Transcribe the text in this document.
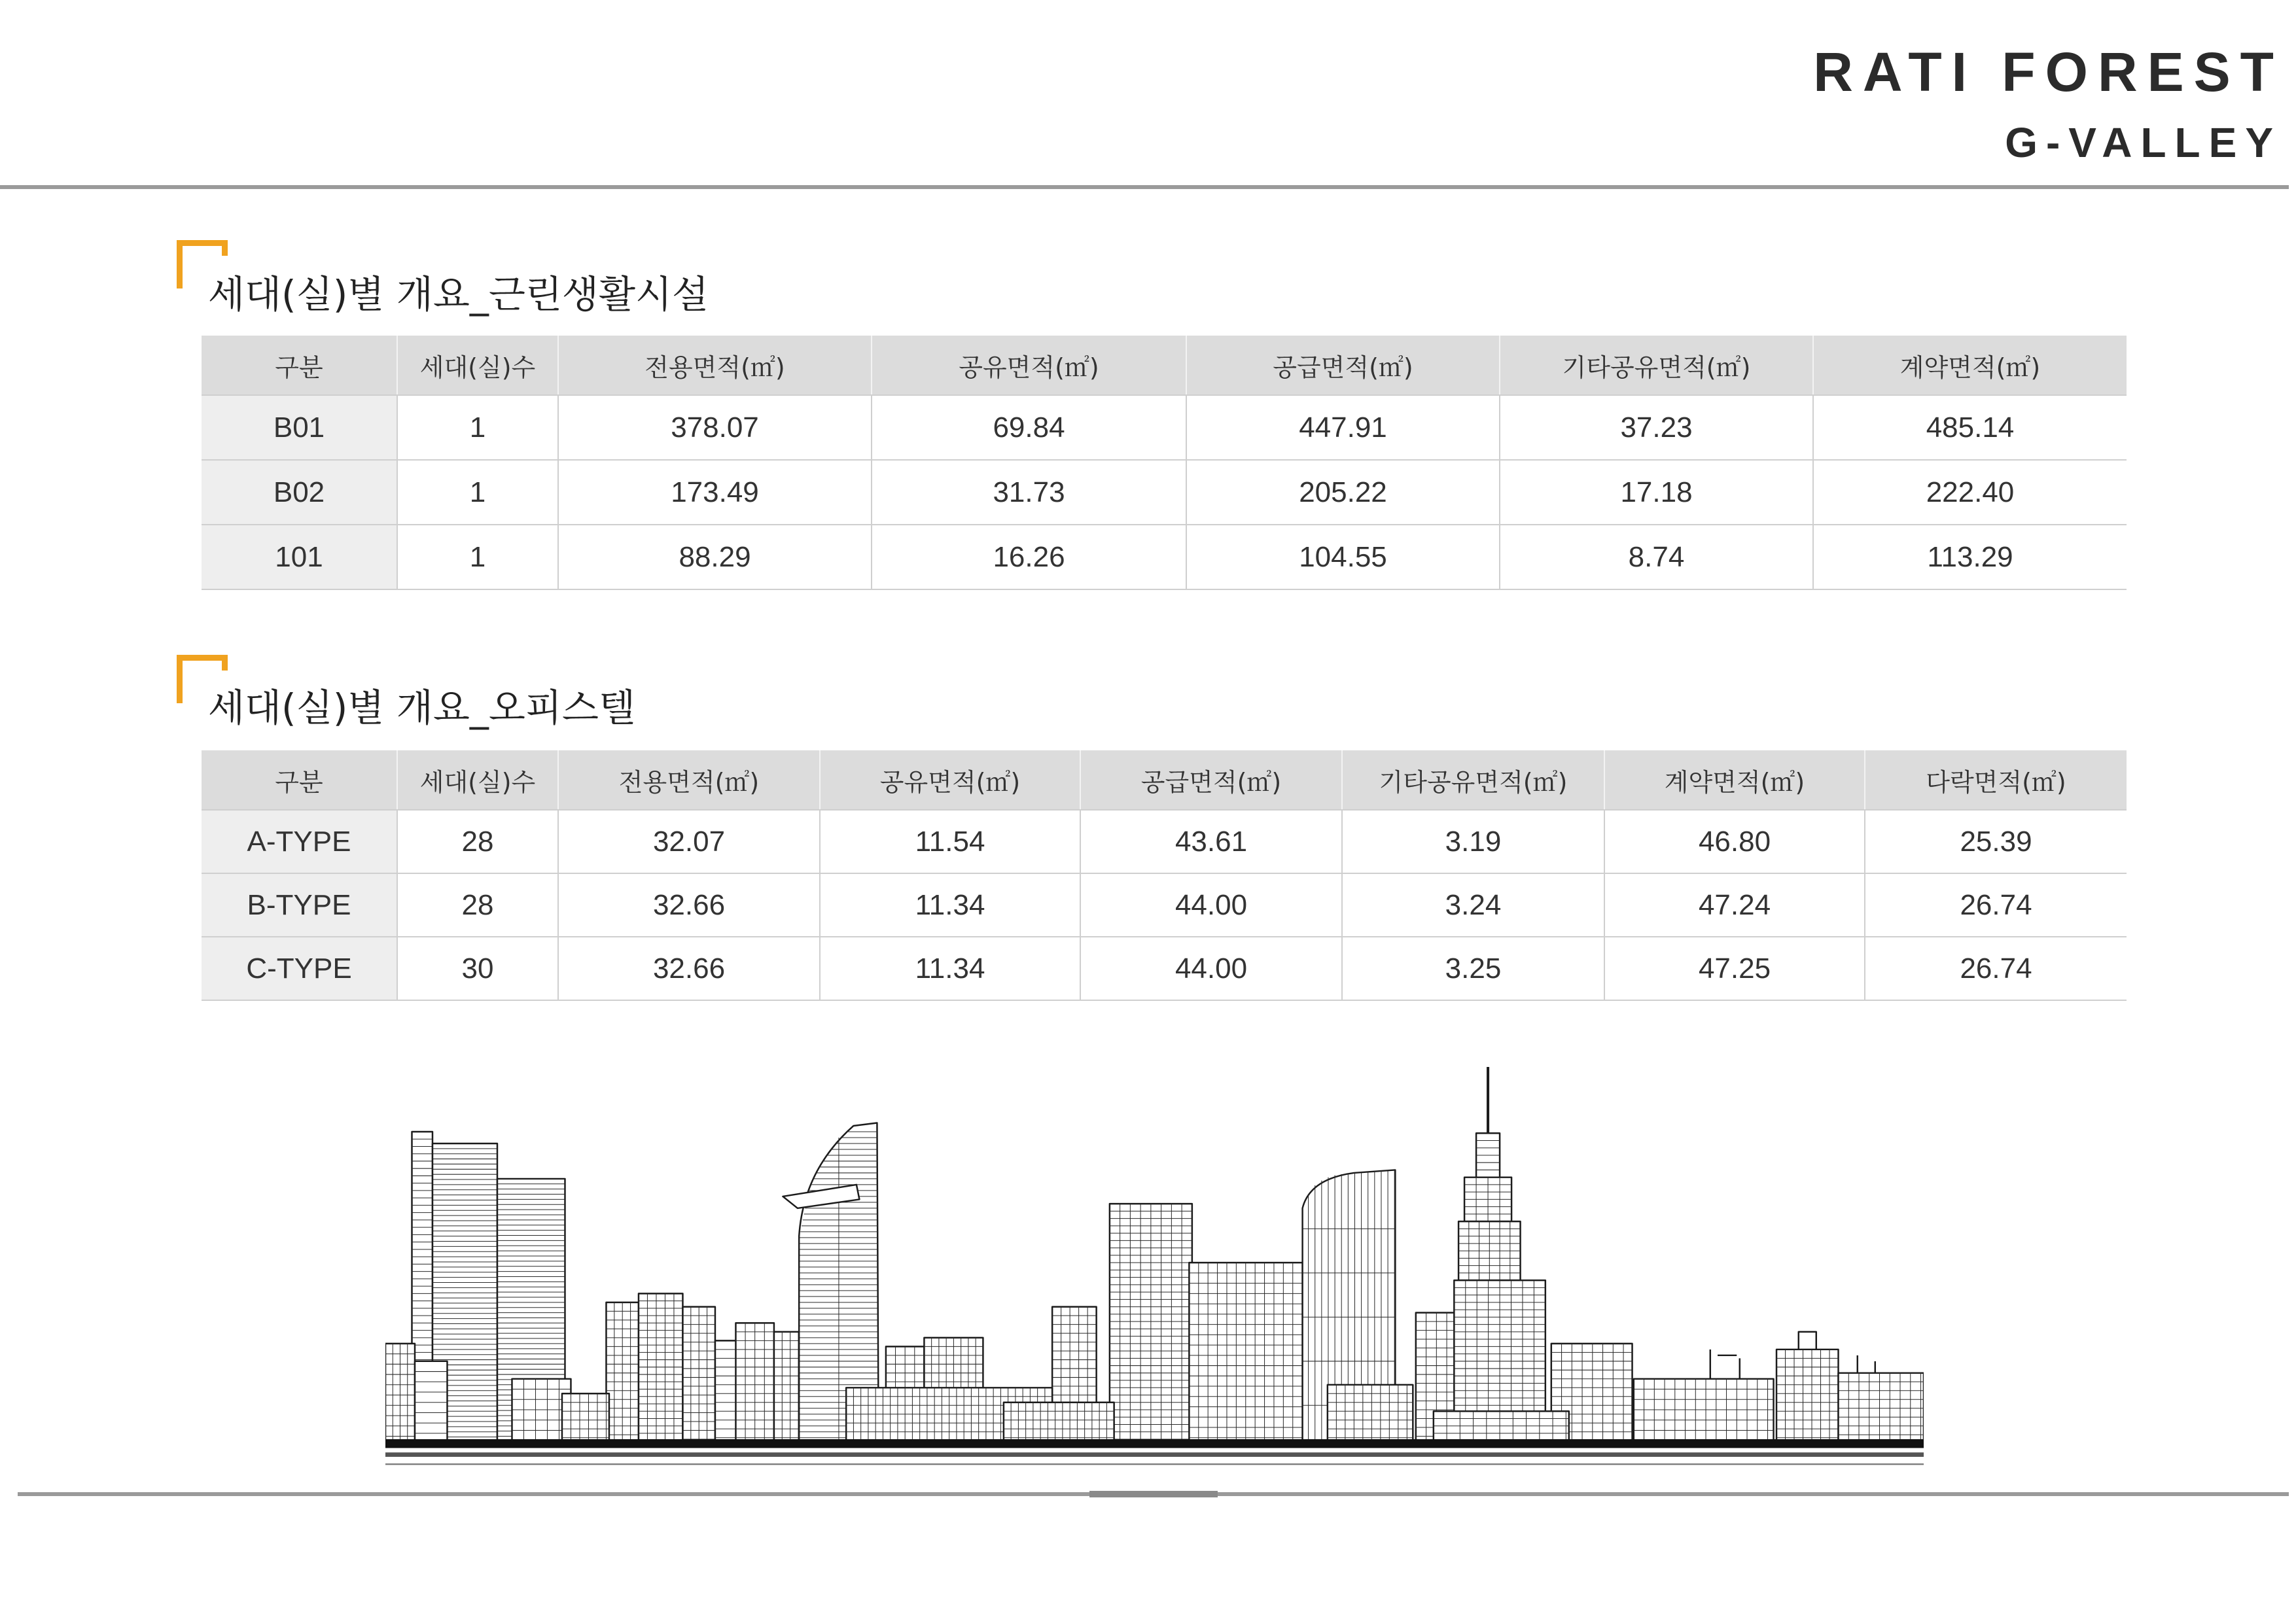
RATI FOREST
G-VALLEY
세대(실)별 개요_근린생활시설
구분	세대(실)수	전용면적(㎡)	공유면적(㎡)	공급면적(㎡)	기타공유면적(㎡)	계약면적(㎡)
B01	1	378.07	69.84	447.91	37.23	485.14
B02	1	173.49	31.73	205.22	17.18	222.40
101	1	88.29	16.26	104.55	8.74	113.29
세대(실)별 개요_오피스텔
구분	세대(실)수	전용면적(㎡)	공유면적(㎡)	공급면적(㎡)	기타공유면적(㎡)	계약면적(㎡)	다락면적(㎡)
A-TYPE	28	32.07	11.54	43.61	3.19	46.80	25.39
B-TYPE	28	32.66	11.34	44.00	3.24	47.24	26.74
C-TYPE	30	32.66	11.34	44.00	3.25	47.25	26.74
